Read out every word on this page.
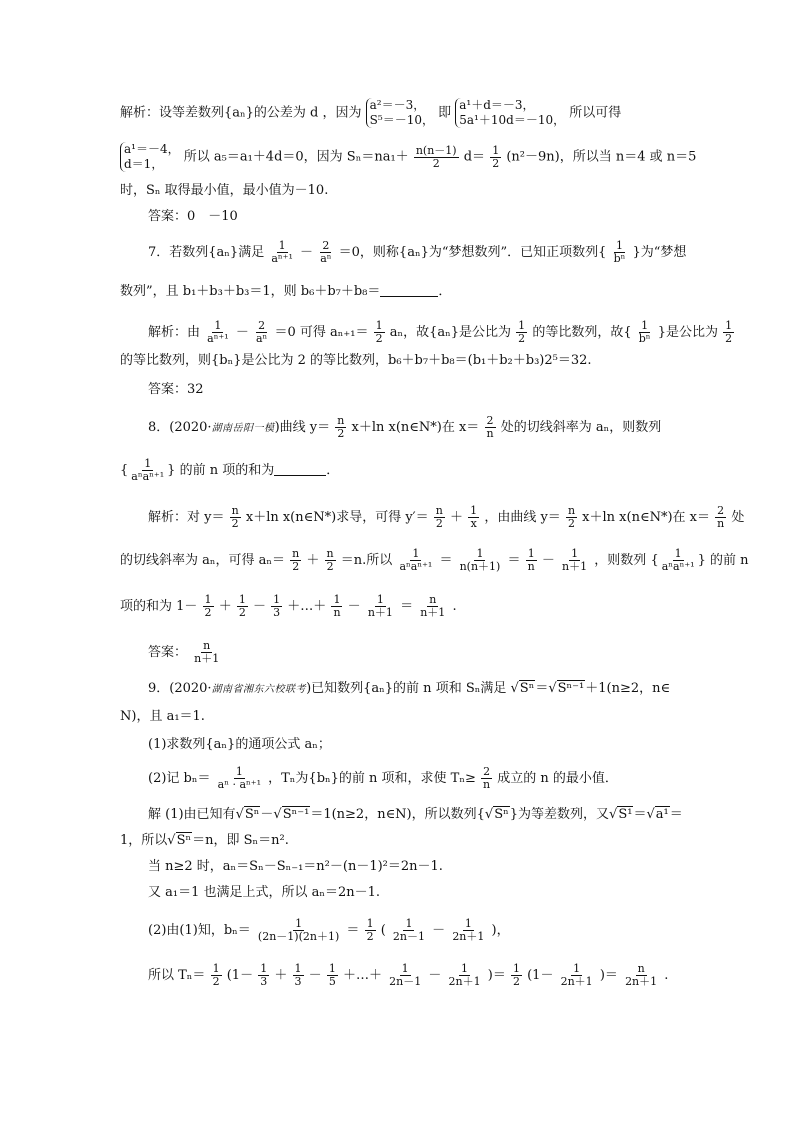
解析：设等差数列{aₙ}的公差为 d ，因为
a²＝－3，
S⁵＝－10， 即
a¹＋d＝－3，
5a¹＋10d＝－10， 所以可得
a¹＝－4，
d＝1，	所以 a₅＝a₁＋4d＝0，因为 $S_n=na_1+ \frac{n(n-1)}{2} d= \frac{1}{2} (n^2-9n)$，所以当 n＝4 或 n＝5
时，Sₙ 取得最小值，最小值为－10.
答案：0　－10
7．若数列{aₙ}满足 $\frac{1}{\text{aⁿ⁺¹}} - \frac{2}{\text{aⁿ}} =0$，则称{aₙ}为“梦想数列”．已知正项数列{ $\frac{1}{\text{bⁿ}}$ }为“梦想
数列”，且 b₁＋b₃＋b₃＝1，则 b₆＋b₇＋b₈＝	．
解析：由 $\frac{1}{\text{aⁿ⁺¹}} - \frac{2}{\text{aⁿ}} =0$ 可得 $a_{n+1}= \frac{1}{2}$ aₙ，故{aₙ}是公比为 $\frac{1}{2}$ 的等比数列，故{ $\frac{1}{\text{bⁿ}}$ }是公比为 $\frac{1}{2}$
的等比数列，则{bₙ}是公比为 2 的等比数列，b₆＋b₇＋b₈＝(b₁＋b₂＋b₃)2⁵＝32.
答案：32
8．(2020·湖南岳阳一模)曲线 $y= \frac{n}{2} x+\ln$ x(n∈N*)在 $x= \frac{2}{n}$ 处的切线斜率为 aₙ，则数列
{ $\frac{1}{\text{aⁿaⁿ⁺¹}}$ } 的前 n 项的和为	．
解析：对 $y= \frac{n}{2} x+\ln$ x(n∈N*)求导，可得 $y'= \frac{n}{2} + \frac{1}{x}$ ，由曲线 $y= \frac{n}{2} x+\ln$ x(n∈N*)在 $x= \frac{2}{n}$ 处
的切线斜率为 aₙ，可得 $a_n= \frac{n}{2} + \frac{n}{2} =n$.所以 $\frac{1}{\text{aⁿaⁿ⁺¹}} = \frac{1}{n(n+1)} = \frac{1}{n} - \frac{1}{n+1}$ ，则数列 { $\frac{1}{\text{aⁿaⁿ⁺¹}}$ } 的前 n
项的和为 $1- \frac{1}{2} + \frac{1}{2} - \frac{1}{3}$ ＋…＋ $\frac{1}{n} - \frac{1}{n+1} = \frac{n}{n+1}$ .
答案： $\frac{n}{n+1}$
9．(2020·湖南省湘东六校联考)已知数列{aₙ}的前 n 项和 Sₙ满足 √Sⁿ＝√Sⁿ⁻¹＋1(n≥2，n∈
N)，且 a₁＝1.
(1)求数列{aₙ}的通项公式 aₙ；
(2)记 $b_n= \frac{1}{\text{aⁿ · aⁿ⁺¹}}$ ，Tₙ为{bₙ}的前 n 项和，求使 $T_n\ge \frac{2}{n}$ 成立的 n 的最小值．
解 (1)由已知有√Sⁿ－√Sⁿ⁻¹＝1(n≥2，n∈N)，所以数列{√Sⁿ}为等差数列，又√S¹＝√a¹＝
1，所以√Sⁿ＝n，即 Sₙ＝n².
当 n≥2 时，aₙ＝Sₙ－Sₙ₋₁＝n²－(n－1)²＝2n－1.
又 a₁＝1 也满足上式，所以 aₙ＝2n－1.
(2)由(1)知，$b_n= \frac{1}{(2n-1)(2n+1)} = \frac{1}{2}$ ( $\frac{1}{2n-1} - \frac{1}{2n+1}$ )，
所以 $T_n= \frac{1}{2} (1- \frac{1}{3} + \frac{1}{3} - \frac{1}{5}$ ＋…＋ $\frac{1}{2n-1} - \frac{1}{2n+1}$ )＝ $\frac{1}{2} (1- \frac{1}{2n+1}$ )＝ $\frac{n}{2n+1}$ .
